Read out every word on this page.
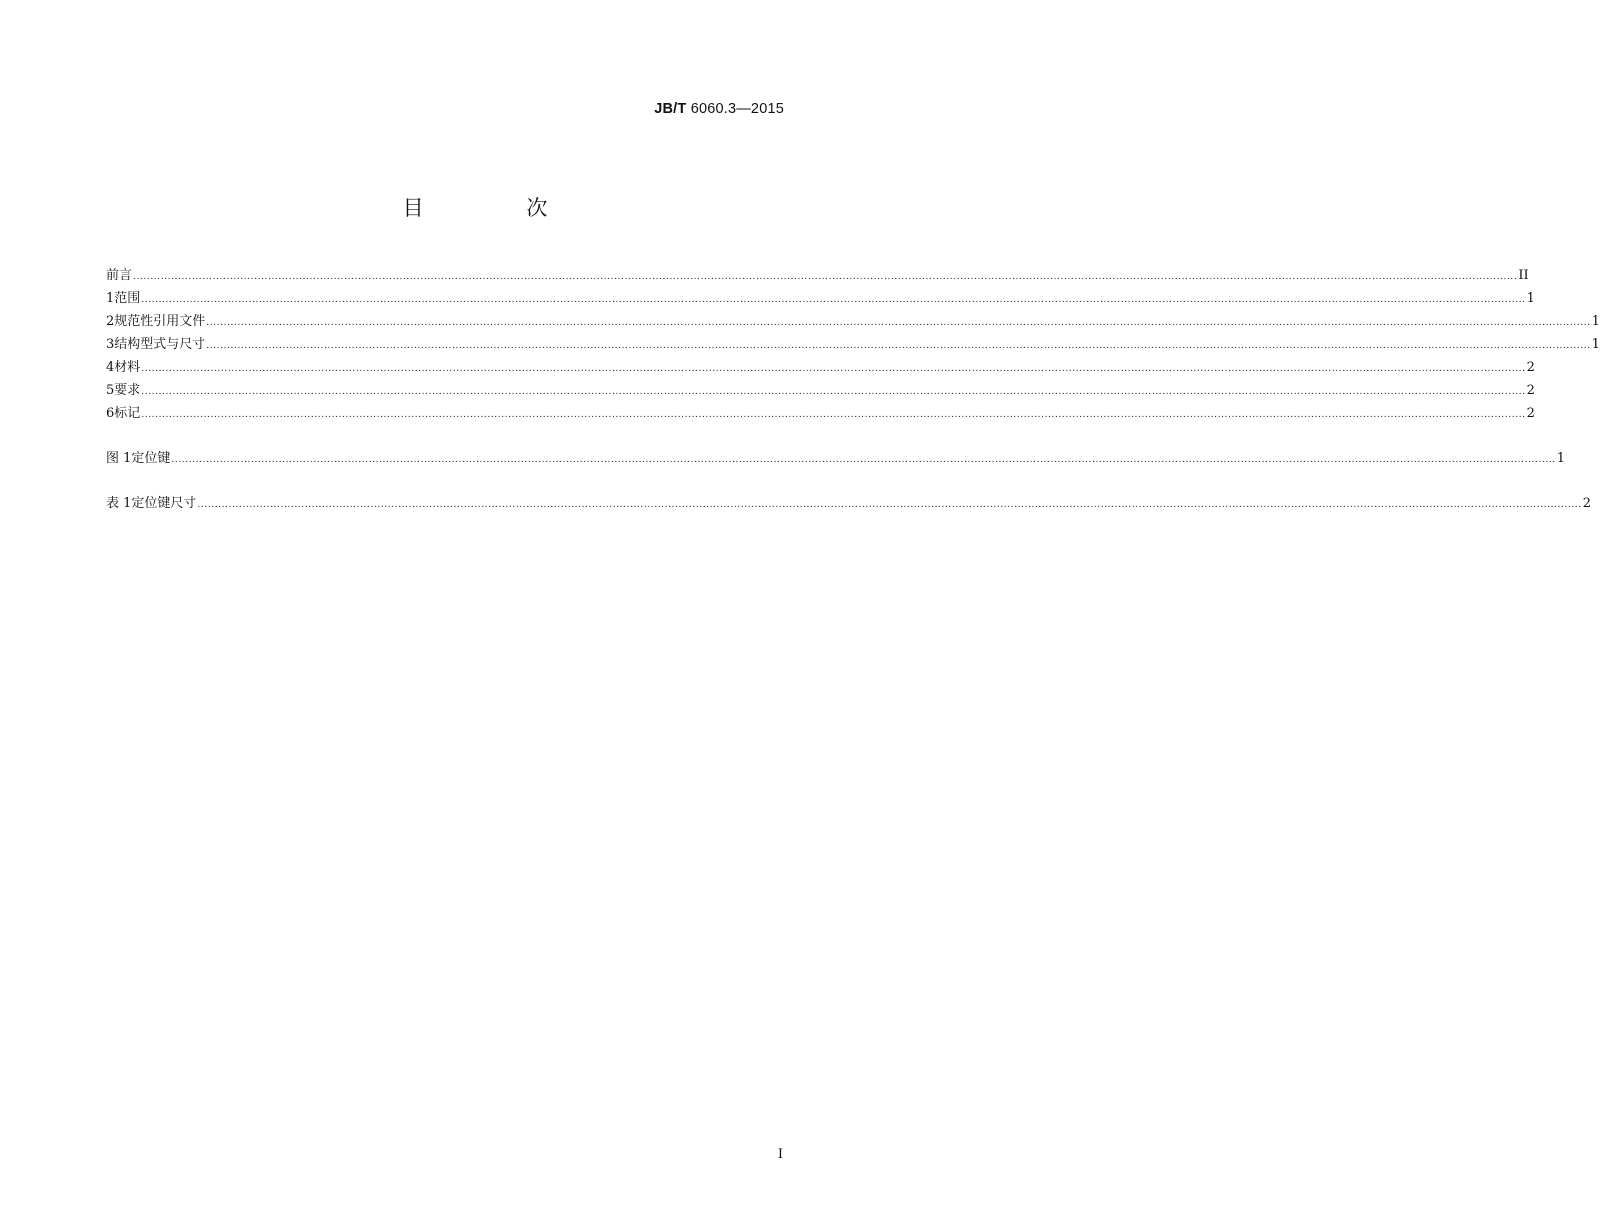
JB/T 6060.3—2015
目 次
前言 ................................................................................................................................................................................................................................................................................................................................................................................................................ II
1 范围 ................................................................................................................................................................................................................................................................................................................................................................................................................ 1
2 规范性引用文件 ................................................................................................................................................................................................................................................................................................................................................................................................................ 1
3 结构型式与尺寸 ................................................................................................................................................................................................................................................................................................................................................................................................................ 1
4 材料 ................................................................................................................................................................................................................................................................................................................................................................................................................ 2
5 要求 ................................................................................................................................................................................................................................................................................................................................................................................................................ 2
6 标记 ................................................................................................................................................................................................................................................................................................................................................................................................................ 2
图 1 定位键 ................................................................................................................................................................................................................................................................................................................................................................................................................ 1
表 1 定位键尺寸 ................................................................................................................................................................................................................................................................................................................................................................................................................ 2
I
